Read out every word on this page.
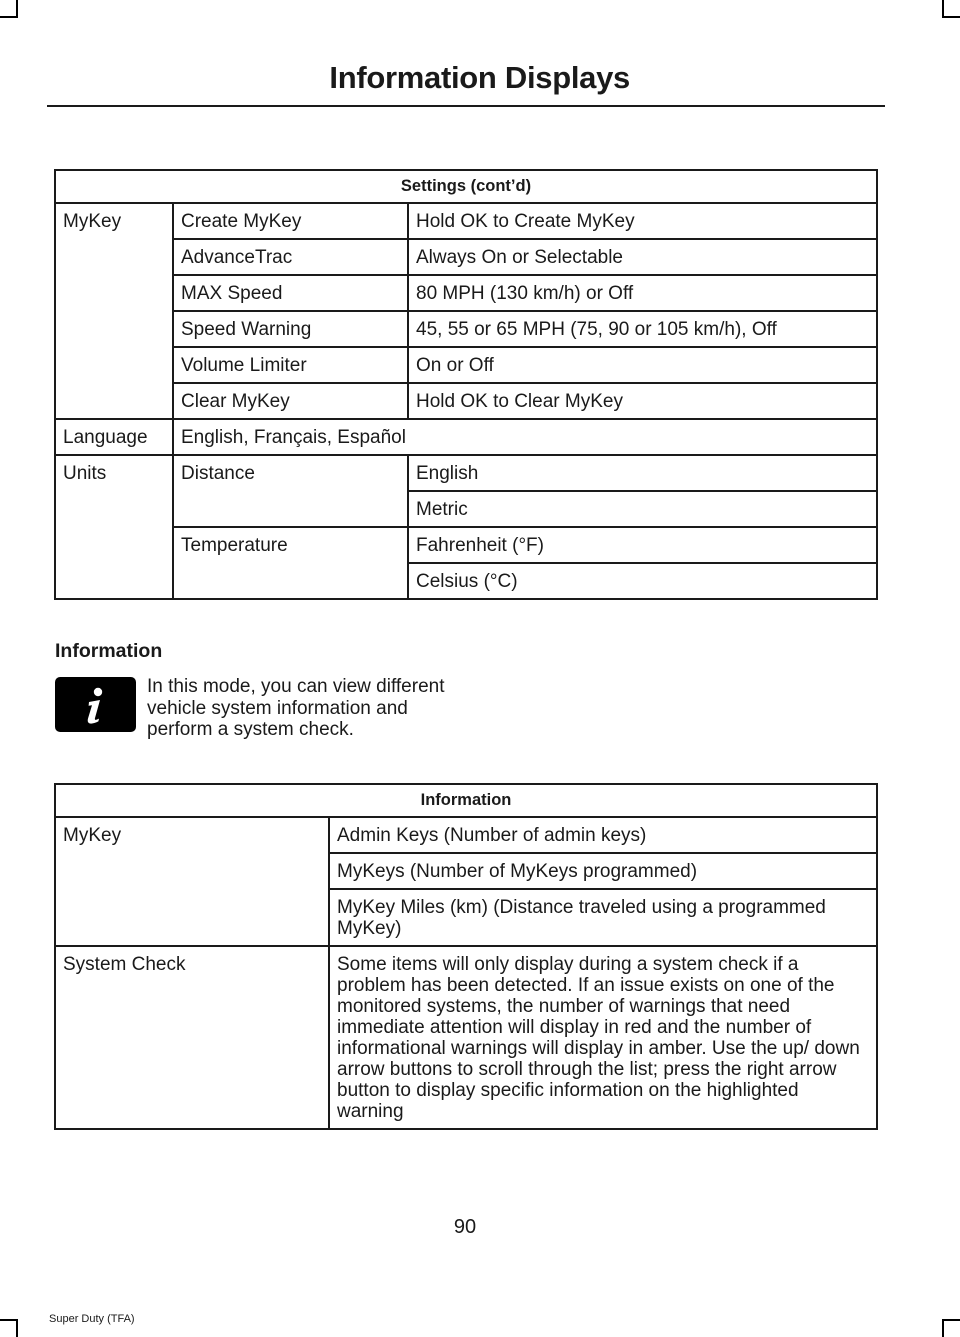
Information Displays
Settings (cont’d)		
MyKey	Create MyKey	Hold OK to Create MyKey
	AdvanceTrac	Always On or Selectable
	MAX Speed	80 MPH (130 km/h) or Off
	Speed Warning	45, 55 or 65 MPH (75, 90 or 105 km/h), Off
	Volume Limiter	On or Off
	Clear MyKey	Hold OK to Clear MyKey
Language	English, Français, Español	
Units	Distance	English
		Metric
	Temperature	Fahrenheit (°F)
		Celsius (°C)
Information
In this mode, you can view different vehicle system information and perform a system check.
Information	
MyKey	Admin Keys (Number of admin keys)
	MyKeys (Number of MyKeys programmed)
	MyKey Miles (km) (Distance traveled using a programmed MyKey)
System Check	Some items will only display during a system check if a problem has been detected. If an issue exists on one of the monitored systems, the number of warnings that need immediate attention will display in red and the number of informational warnings will display in amber. Use the up/ down arrow buttons to scroll through the list; press the right arrow button to display specific information on the highlighted warning
90
Super Duty (TFA)
